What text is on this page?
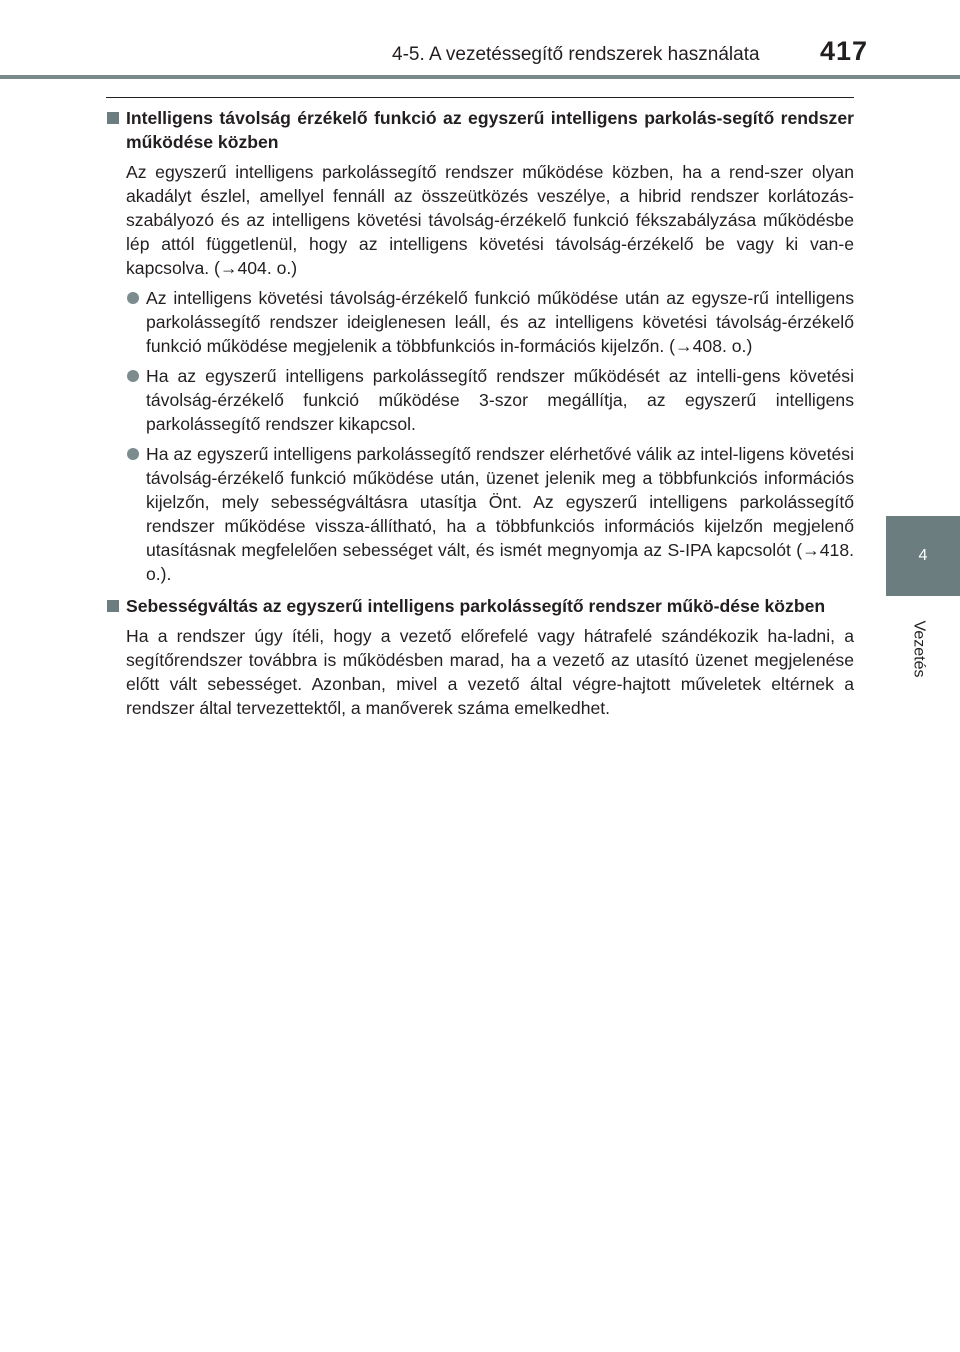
4-5. A vezetéssegítő rendszerek használata	417
4
Vezetés
Intelligens távolság érzékelő funkció az egyszerű intelligens parkolás-segítő rendszer működése közben
Az egyszerű intelligens parkolássegítő rendszer működése közben, ha a rend-szer olyan akadályt észlel, amellyel fennáll az összeütközés veszélye, a hibrid rendszer korlátozás-szabályozó és az intelligens követési távolság-érzékelő funkció fékszabályzása működésbe lép attól függetlenül, hogy az intelligens követési távolság-érzékelő be vagy ki van-e kapcsolva. (→404. o.)
Az intelligens követési távolság-érzékelő funkció működése után az egysze-rű intelligens parkolássegítő rendszer ideiglenesen leáll, és az intelligens követési távolság-érzékelő funkció működése megjelenik a többfunkciós in-formációs kijelzőn. (→408. o.)
Ha az egyszerű intelligens parkolássegítő rendszer működését az intelli-gens követési távolság-érzékelő funkció működése 3-szor megállítja, az egyszerű intelligens parkolássegítő rendszer kikapcsol.
Ha az egyszerű intelligens parkolássegítő rendszer elérhetővé válik az intel-ligens követési távolság-érzékelő funkció működése után, üzenet jelenik meg a többfunkciós információs kijelzőn, mely sebességváltásra utasítja Önt. Az egyszerű intelligens parkolássegítő rendszer működése vissza-állítható, ha a többfunkciós információs kijelzőn megjelenő utasításnak megfelelően sebességet vált, és ismét megnyomja az S-IPA kapcsolót (→418. o.).
Sebességváltás az egyszerű intelligens parkolássegítő rendszer műkö-dése közben
Ha a rendszer úgy ítéli, hogy a vezető előrefelé vagy hátrafelé szándékozik ha-ladni, a segítőrendszer továbbra is működésben marad, ha a vezető az utasító üzenet megjelenése előtt vált sebességet. Azonban, mivel a vezető által végre-hajtott műveletek eltérnek a rendszer által tervezettektől, a manőverek száma emelkedhet.
